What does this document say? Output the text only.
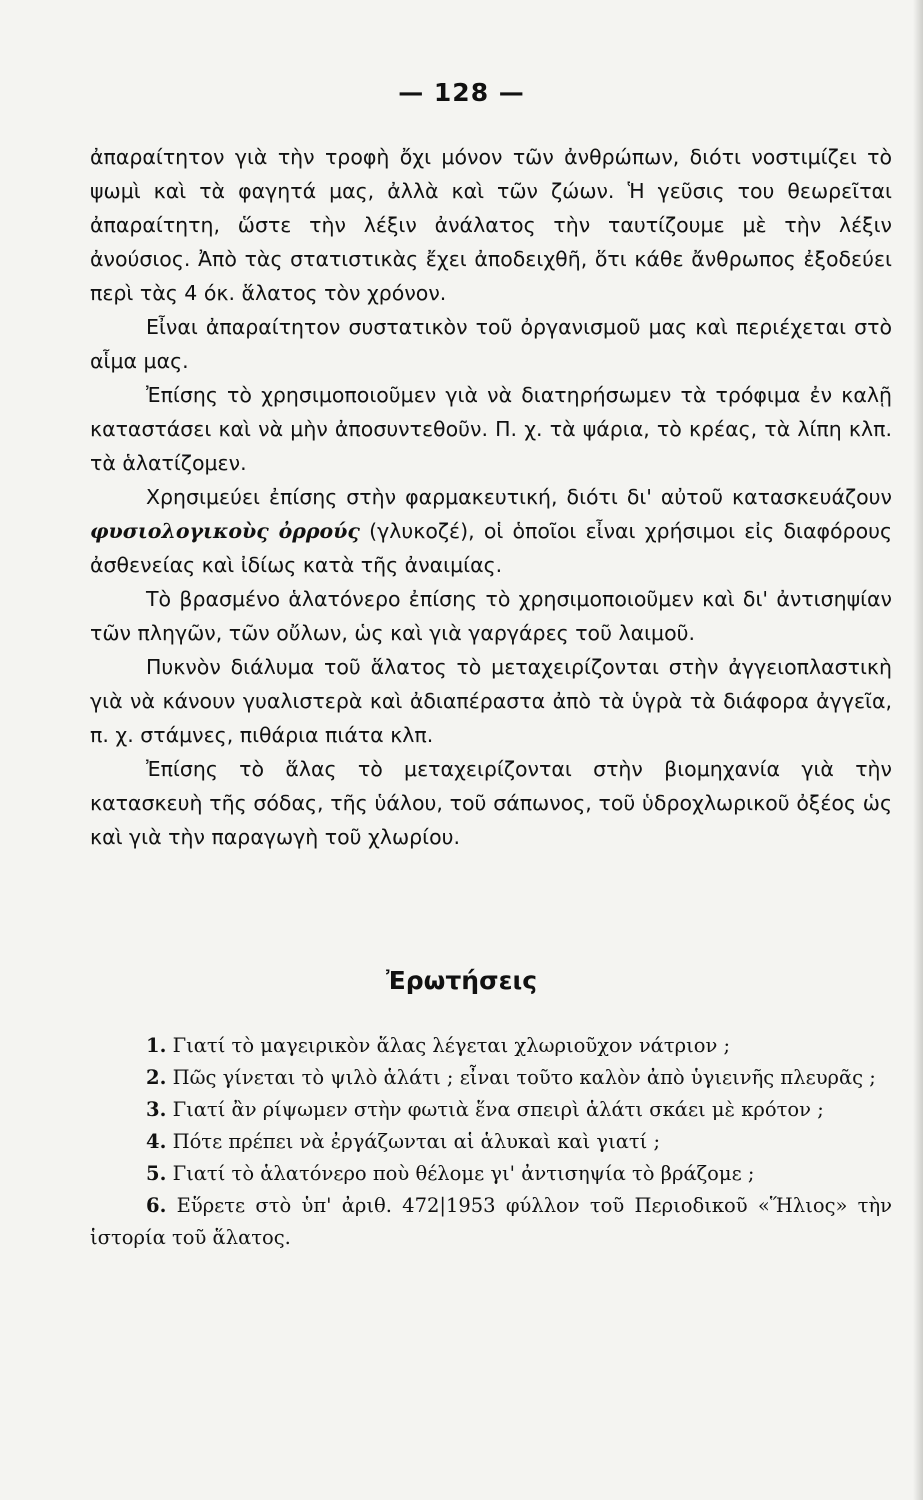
— 128 —

ἀπαραίτητον γιὰ τὴν τροφὴ ὄχι μόνον τῶν ἀνθρώπων, διότι νοστιμίζει τὸ ψωμὶ καὶ τὰ φαγητά μας, ἀλλὰ καὶ τῶν ζώων. Ἡ γεῦσις του θεωρεῖται ἀπαραίτητη, ὥστε τὴν λέξιν ἀνάλατος τὴν ταυτίζουμε μὲ τὴν λέξιν ἀνούσιος. Ἀπὸ τὰς στατιστικὰς ἔχει ἀποδειχθῆ, ὅτι κάθε ἄνθρωπος ἐξοδεύει περὶ τὰς 4 όκ. ἅλατος τὸν χρόνον.

Εἶναι ἀπαραίτητον συστατικὸν τοῦ ὀργανισμοῦ μας καὶ περιέχεται στὸ αἷμα μας.

Ἐπίσης τὸ χρησιμοποιοῦμεν γιὰ νὰ διατηρήσωμεν τὰ τρόφιμα ἐν καλῇ καταστάσει καὶ νὰ μὴν ἀποσυντεθοῦν. Π. χ. τὰ ψάρια, τὸ κρέας, τὰ λίπη κλπ. τὰ ἁλατίζομεν.

Χρησιμεύει ἐπίσης στὴν φαρμακευτική, διότι δι' αὐτοῦ κατασκευάζουν φυσιολογικοὺς ὀρρούς (γλυκοζέ), οἱ ὁποῖοι εἶναι χρήσιμοι εἰς διαφόρους ἀσθενείας καὶ ἰδίως κατὰ τῆς ἀναιμίας.

Τὸ βρασμένο ἁλατόνερο ἐπίσης τὸ χρησιμοποιοῦμεν καὶ δι' ἀντισηψίαν τῶν πληγῶν, τῶν οὔλων, ὡς καὶ γιὰ γαργάρες τοῦ λαιμοῦ.

Πυκνὸν διάλυμα τοῦ ἅλατος τὸ μεταχειρίζονται στὴν ἀγγειοπλαστικὴ γιὰ νὰ κάνουν γυαλιστερὰ καὶ ἀδιαπέραστα ἀπὸ τὰ ὑγρὰ τὰ διάφορα ἀγγεῖα, π. χ. στάμνες, πιθάρια πιάτα κλπ.

Ἐπίσης τὸ ἅλας τὸ μεταχειρίζονται στὴν βιομηχανία γιὰ τὴν κατασκευὴ τῆς σόδας, τῆς ὑάλου, τοῦ σάπωνος, τοῦ ὑδροχλωρικοῦ ὀξέος ὡς καὶ γιὰ τὴν παραγωγὴ τοῦ χλωρίου.

Ἐρωτήσεις

1. Γιατί τὸ μαγειρικὸν ἅλας λέγεται χλωριοῦχον νάτριον ;

2. Πῶς γίνεται τὸ ψιλὸ ἁλάτι ; εἶναι τοῦτο καλὸν ἀπὸ ὑγιεινῆς πλευρᾶς ;

3. Γιατί ἂν ρίψωμεν στὴν φωτιὰ ἕνα σπειρὶ ἁλάτι σκάει μὲ κρότον ;

4. Πότε πρέπει νὰ ἐργάζωνται αἱ ἁλυκαὶ καὶ γιατί ;

5. Γιατί τὸ ἁλατόνερο ποὺ θέλομε γι' ἀντισηψία τὸ βράζομε ;

6. Εὕρετε στὸ ὑπ' ἀριθ. 472|1953 φύλλον τοῦ Περιοδικοῦ «Ἥλιος» τὴν ἱστορία τοῦ ἅλατος.
